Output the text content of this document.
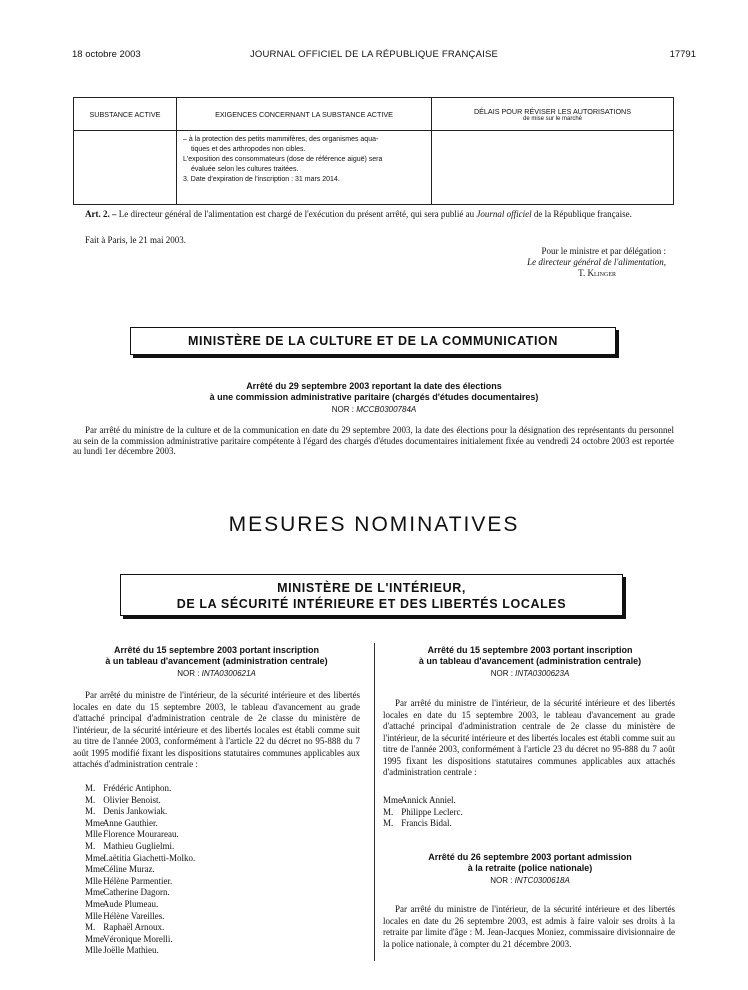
18 octobre 2003	JOURNAL OFFICIEL DE LA RÉPUBLIQUE FRANÇAISE	17791
SUBSTANCE ACTIVE	EXIGENCES CONCERNANT LA SUBSTANCE ACTIVE	DÉLAIS POUR RÉVISER LES AUTORISATIONS
de mise sur le marché

	– à la protection des petits mammifères, des organismes aqua-
tiques et des arthropodes non cibles.
L'exposition des consommateurs (dose de référence aiguë) sera
évaluée selon les cultures traitées.
3. Date d'expiration de l'inscription : 31 mars 2014.	

Art. 2. – Le directeur général de l'alimentation est chargé de l'exécution du présent arrêté, qui sera publié au Journal officiel de la République française.
Fait à Paris, le 21 mai 2003.
Pour le ministre et par délégation :
Le directeur général de l'alimentation,
T. Klinger
MINISTÈRE DE LA CULTURE ET DE LA COMMUNICATION
Arrêté du 29 septembre 2003 reportant la date des élections
à une commission administrative paritaire (chargés d'études documentaires)
NOR : MCCB0300784A
Par arrêté du ministre de la culture et de la communication en date du 29 septembre 2003, la date des élections pour la désignation des représentants du personnel au sein de la commission administrative paritaire compétente à l'égard des chargés d'études documentaires initialement fixée au vendredi 24 octobre 2003 est reportée au lundi 1er décembre 2003.
MESURES NOMINATIVES
MINISTÈRE DE L'INTÉRIEUR,
DE LA SÉCURITÉ INTÉRIEURE ET DES LIBERTÉS LOCALES
Arrêté du 15 septembre 2003 portant inscription
à un tableau d'avancement (administration centrale)
NOR : INTA0300621A
Par arrêté du ministre de l'intérieur, de la sécurité intérieure et des libertés locales en date du 15 septembre 2003, le tableau d'avancement au grade d'attaché principal d'administration centrale de 2e classe du ministère de l'intérieur, de la sécurité intérieure et des libertés locales est établi comme suit au titre de l'année 2003, conformément à l'article 22 du décret no 95-888 du 7 août 1995 modifié fixant les dispositions statutaires communes applicables aux attachés d'administration centrale :
M. Frédéric Antiphon.
M. Olivier Benoist.
M. Denis Jankowiak.
Mme Anne Gauthier.
Mlle Florence Mourareau.
M. Mathieu Guglielmi.
Mme Laëtitia Giachetti-Molko.
Mme Céline Muraz.
Mlle Hélène Parmentier.
Mme Catherine Dagorn.
Mme Aude Plumeau.
Mlle Hélène Vareilles.
M. Raphaël Arnoux.
Mme Véronique Morelli.
Mlle Joëlle Mathieu.
Arrêté du 15 septembre 2003 portant inscription
à un tableau d'avancement (administration centrale)
NOR : INTA0300623A
Par arrêté du ministre de l'intérieur, de la sécurité intérieure et des libertés locales en date du 15 septembre 2003, le tableau d'avancement au grade d'attaché principal d'administration centrale de 2e classe du ministère de l'intérieur, de la sécurité intérieure et des libertés locales est établi comme suit au titre de l'année 2003, conformément à l'article 23 du décret no 95-888 du 7 août 1995 fixant les dispositions statutaires communes applicables aux attachés d'administration centrale :
Mme Annick Anniel.
M. Philippe Leclerc.
M. Francis Bidal.
Arrêté du 26 septembre 2003 portant admission
à la retraite (police nationale)
NOR : INTC0300618A
Par arrêté du ministre de l'intérieur, de la sécurité intérieure et des libertés locales en date du 26 septembre 2003, est admis à faire valoir ses droits à la retraite par limite d'âge : M. Jean-Jacques Moniez, commissaire divisionnaire de la police nationale, à compter du 21 décembre 2003.
